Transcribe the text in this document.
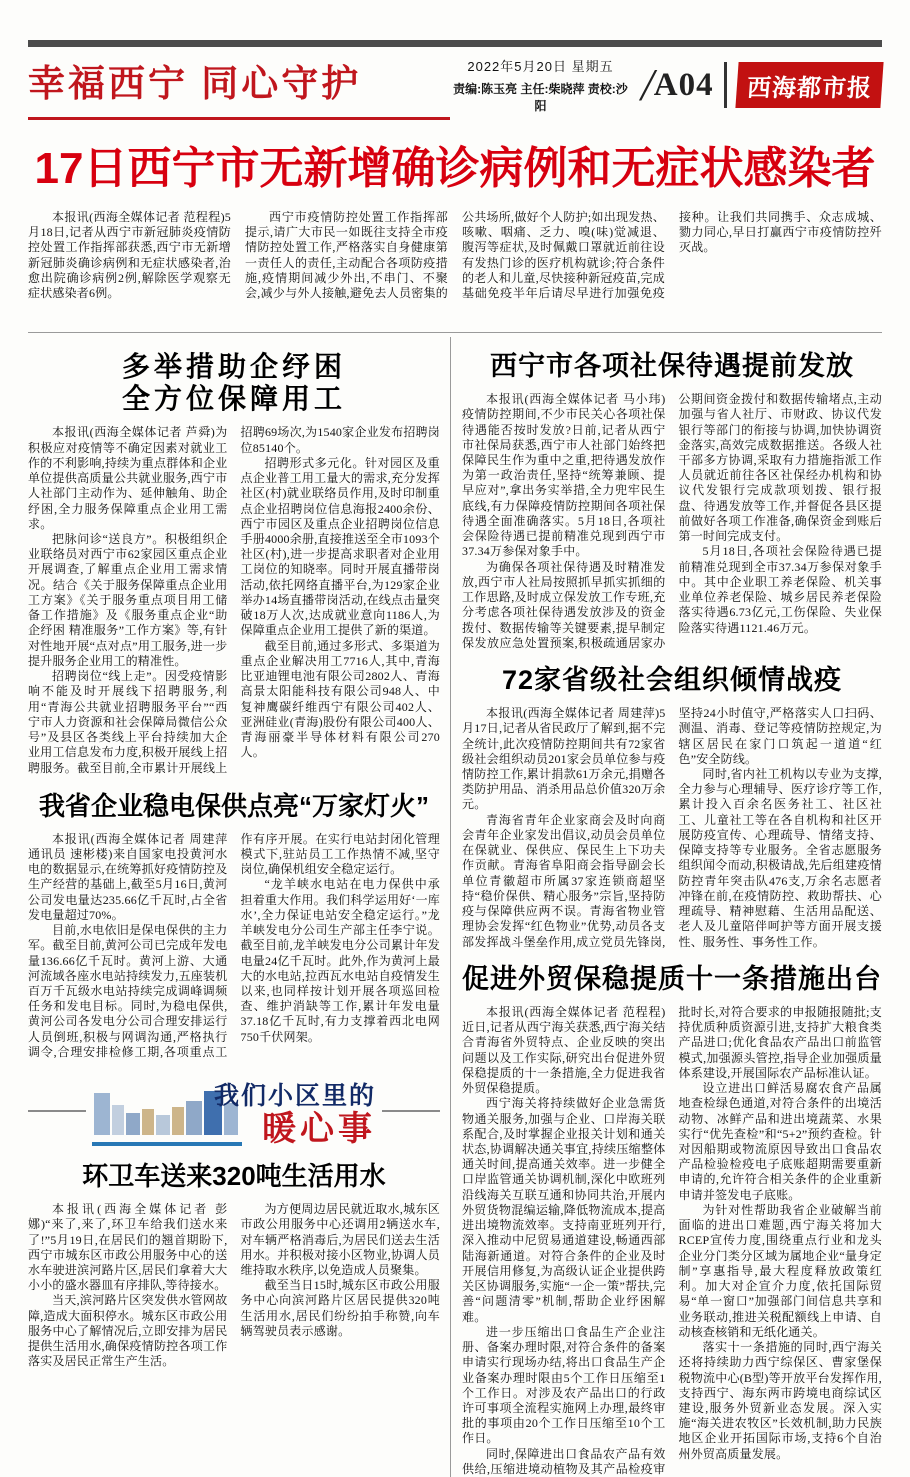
幸福西宁 同心守护	2022年5月20日 星期五
责编:陈玉亮 主任:柴晓萍 责校:沙阳	/ A04	西海都市报
17日西宁市无新增确诊病例和无症状感染者

本报讯(西海全媒体记者 范程程)5月18日,记者从西宁市新冠肺炎疫情防控处置工作指挥部获悉,西宁市无新增新冠肺炎确诊病例和无症状感染者,治愈出院确诊病例2例,解除医学观察无症状感染者6例。

西宁市疫情防控处置工作指挥部提示,请广大市民一如既往支持全市疫情防控处置工作,严格落实自身健康第一责任人的责任,主动配合各项防疫措施,疫情期间减少外出,不串门、不聚会,减少与外人接触,避免去人员密集的公共场所,做好个人防护;如出现发热、咳嗽、咽痛、乏力、嗅(味)觉减退、腹泻等症状,及时佩戴口罩就近前往设有发热门诊的医疗机构就诊;符合条件的老人和儿童,尽快接种新冠疫苗,完成基础免疫半年后请尽早进行加强免疫接种。让我们共同携手、众志成城、勠力同心,早日打赢西宁市疫情防控歼灭战。

多举措助企纾困
全方位保障用工

本报讯(西海全媒体记者 芦舜)为积极应对疫情等不确定因素对就业工作的不利影响,持续为重点群体和企业单位提供高质量公共就业服务,西宁市人社部门主动作为、延伸触角、助企纾困,全力服务保障重点企业用工需求。

把脉问诊“送良方”。积极组织企业联络员对西宁市62家园区重点企业开展调查,了解重点企业用工需求情况。结合《关于服务保障重点企业用工方案》《关于服务重点项目用工储备工作措施》及《服务重点企业“助企纾困 精准服务”工作方案》等,有针对性地开展“点对点”用工服务,进一步提升服务企业用工的精准性。

招聘岗位“线上走”。因受疫情影响不能及时开展线下招聘服务,利用“青海公共就业招聘服务平台”“西宁市人力资源和社会保障局微信公众号”及县区各类线上平台持续加大企业用工信息发布力度,积极开展线上招聘服务。截至目前,全市累计开展线上招聘69场次,为1540家企业发布招聘岗位85140个。

招聘形式多元化。针对园区及重点企业普工用工量大的需求,充分发挥社区(村)就业联络员作用,及时印制重点企业招聘岗位信息海报2400余份、西宁市园区及重点企业招聘岗位信息手册4000余册,直接推送至全市1093个社区(村),进一步提高求职者对企业用工岗位的知晓率。同时开展直播带岗活动,依托网络直播平台,为129家企业举办14场直播带岗活动,在线点击量突破18万人次,达成就业意向1186人,为保障重点企业用工提供了新的渠道。

截至目前,通过多形式、多渠道为重点企业解决用工7716人,其中,青海比亚迪锂电池有限公司2802人、青海高景太阳能科技有限公司948人、中复神鹰碳纤维西宁有限公司402人、亚洲硅业(青海)股份有限公司400人、青海丽豪半导体材料有限公司270人。

我省企业稳电保供点亮“万家灯火”

本报讯(西海全媒体记者 周建萍 通讯员 速彬楼)来自国家电投黄河水电的数据显示,在统筹抓好疫情防控及生产经营的基础上,截至5月16日,黄河公司发电量达235.66亿千瓦时,占全省发电量超过70%。

目前,水电依旧是保电保供的主力军。截至目前,黄河公司已完成年发电量136.66亿千瓦时。黄河上游、大通河流域各座水电站持续发力,五座装机百万千瓦级水电站持续完成调峰调频任务和发电目标。同时,为稳电保供,黄河公司各发电分公司合理安排运行人员倒班,积极与网调沟通,严格执行调令,合理安排检修工期,各项重点工作有序开展。在实行电站封闭化管理模式下,驻站员工工作热情不减,坚守岗位,确保机组安全稳定运行。

“龙羊峡水电站在电力保供中承担着重大作用。我们科学运用好‘一库水’,全力保证电站安全稳定运行。”龙羊峡发电分公司生产部主任李宁说。截至目前,龙羊峡发电分公司累计年发电量24亿千瓦时。此外,作为黄河上最大的水电站,拉西瓦水电站自疫情发生以来,也同样按计划开展各项巡回检查、维护消缺等工作,累计年发电量37.18亿千瓦时,有力支撑着西北电网750千伏网架。

我们小区里的
暖心事
环卫车送来320吨生活用水

本报讯(西海全媒体记者 彭娜)“来了,来了,环卫车给我们送水来了!”5月19日,在居民们的翘首期盼下,西宁市城东区市政公用服务中心的送水车驶进滨河路片区,居民们拿着大大小小的盛水器皿有序排队,等待接水。

当天,滨河路片区突发供水管网故障,造成大面积停水。城东区市政公用服务中心了解情况后,立即安排为居民提供生活用水,确保疫情防控各项工作落实及居民正常生产生活。

为方便周边居民就近取水,城东区市政公用服务中心还调用2辆送水车,对车辆严格消毒后,为居民们送去生活用水。并积极对接小区物业,协调人员维持取水秩序,以免造成人员聚集。

截至当日15时,城东区市政公用服务中心向滨河路片区居民提供320吨生活用水,居民们纷纷拍手称赞,向车辆驾驶员表示感谢。

西宁市各项社保待遇提前发放

本报讯(西海全媒体记者 马小玮)疫情防控期间,不少市民关心各项社保待遇能否按时发放?日前,记者从西宁市社保局获悉,西宁市人社部门始终把保障民生作为重中之重,把待遇发放作为第一政治责任,坚持“统筹兼顾、提早应对”,拿出务实举措,全力兜牢民生底线,有力保障疫情防控期间各项社保待遇全面准确落实。5月18日,各项社会保险待遇已提前精准兑现到西宁市37.34万参保对象手中。

为确保各项社保待遇及时精准发放,西宁市人社局按照抓早抓实抓细的工作思路,及时成立保发放工作专班,充分考虑各项社保待遇发放涉及的资金拨付、数据传输等关键要素,提早制定保发放应急处置预案,积极疏通居家办公期间资金拨付和数据传输堵点,主动加强与省人社厅、市财政、协议代发银行等部门的衔接与协调,加快协调资金落实,高效完成数据推送。各级人社干部多方协调,采取有力措施指派工作人员就近前往各区社保经办机构和协议代发银行完成款项划拨、银行报盘、待遇发放等工作,并督促各县区提前做好各项工作准备,确保资金到账后第一时间完成支付。

5月18日,各项社会保险待遇已提前精准兑现到全市37.34万参保对象手中。其中企业职工养老保险、机关事业单位养老保险、城乡居民养老保险落实待遇6.73亿元,工伤保险、失业保险落实待遇1121.46万元。

72家省级社会组织倾情战疫

本报讯(西海全媒体记者 周建萍)5月17日,记者从省民政厅了解到,据不完全统计,此次疫情防控期间共有72家省级社会组织动员201家会员单位参与疫情防控工作,累计捐款61万余元,捐赠各类防护用品、消杀用品总价值320万余元。

青海省青年企业家商会及时向商会青年企业家发出倡议,动员会员单位在保就业、保供应、保民生上下功夫作贡献。青海省阜阳商会指导副会长单位青徽超市所属37家连锁商超坚持“稳价保供、精心服务”宗旨,坚持防疫与保障供应两不误。青海省物业管理协会发挥“红色物业”优势,动员各支部发挥战斗堡垒作用,成立党员先锋岗,坚持24小时值守,严格落实人口扫码、测温、消毒、登记等疫情防控规定,为辖区居民在家门口筑起一道道“红色”安全防线。

同时,省内社工机构以专业为支撑,全力参与心理辅导、医疗诊疗等工作,累计投入百余名医务社工、社区社工、儿童社工等在各自机构和社区开展防疫宣传、心理疏导、情绪支持、保障支持等专业服务。全省志愿服务组织闻令而动,积极请战,先后组建疫情防控青年突击队476支,万余名志愿者冲锋在前,在疫情防控、救助帮扶、心理疏导、精神慰藉、生活用品配送、老人及儿童陪伴呵护等方面开展支援性、服务性、事务性工作。

促进外贸保稳提质十一条措施出台

本报讯(西海全媒体记者 范程程)近日,记者从西宁海关获悉,西宁海关结合青海省外贸特点、企业反映的突出问题以及工作实际,研究出台促进外贸保稳提质的十一条措施,全力促进我省外贸保稳提质。

西宁海关将持续做好企业急需货物通关服务,加强与企业、口岸海关联系配合,及时掌握企业报关计划和通关状态,协调解决通关事宜,持续压缩整体通关时间,提高通关效率。进一步健全口岸监管通关协调机制,深化中欧班列沿线海关互联互通和协同共治,开展内外贸货物混编运输,降低物流成本,提高进出境物流效率。支持南亚班列开行,深入推动中尼贸易通道建设,畅通西部陆海新通道。对符合条件的企业及时开展信用修复,为高级认证企业提供跨关区协调服务,实施“一企一策”帮扶,完善“问题清零”机制,帮助企业纾困解难。

进一步压缩出口食品生产企业注册、备案办理时限,对符合条件的备案申请实行现场办结,将出口食品生产企业备案办理时限由5个工作日压缩至1个工作日。对涉及农产品出口的行政许可事项全流程实施网上办理,最终审批的事项由20个工作日压缩至10个工作日。

同时,保障进出口食品农产品有效供给,压缩进境动植物及其产品检疫审批时长,对符合要求的申报随报随批;支持优质种质资源引进,支持扩大粮食类产品进口;优化食品农产品出口前监管模式,加强源头管控,指导企业加强质量体系建设,开展国际农产品标准认证。

设立进出口鲜活易腐农食产品属地查检绿色通道,对符合条件的出境活动物、冰鲜产品和进出境蔬菜、水果实行“优先查检”和“5+2”预约查检。针对因船期或物流原因导致出口食品农产品检验检疫电子底账超期需要重新申请的,允许符合相关条件的企业重新申请并签发电子底账。

为针对性帮助我省企业破解当前面临的进出口难题,西宁海关将加大RCEP宣传力度,围绕重点行业和龙头企业分门类分区域为属地企业“量身定制”享惠指导,最大程度释放政策红利。加大对企宣介力度,依托国际贸易“单一窗口”加强部门间信息共享和业务联动,推进关税配额线上申请、自动核查核销和无纸化通关。

落实十一条措施的同时,西宁海关还将持续助力西宁综保区、曹家堡保税物流中心(B型)等开放平台发挥作用,支持西宁、海东两市跨境电商综试区建设,服务外贸新业态发展。深入实施“海关进农牧区”长效机制,助力民族地区企业开拓国际市场,支持6个自治州外贸高质量发展。
